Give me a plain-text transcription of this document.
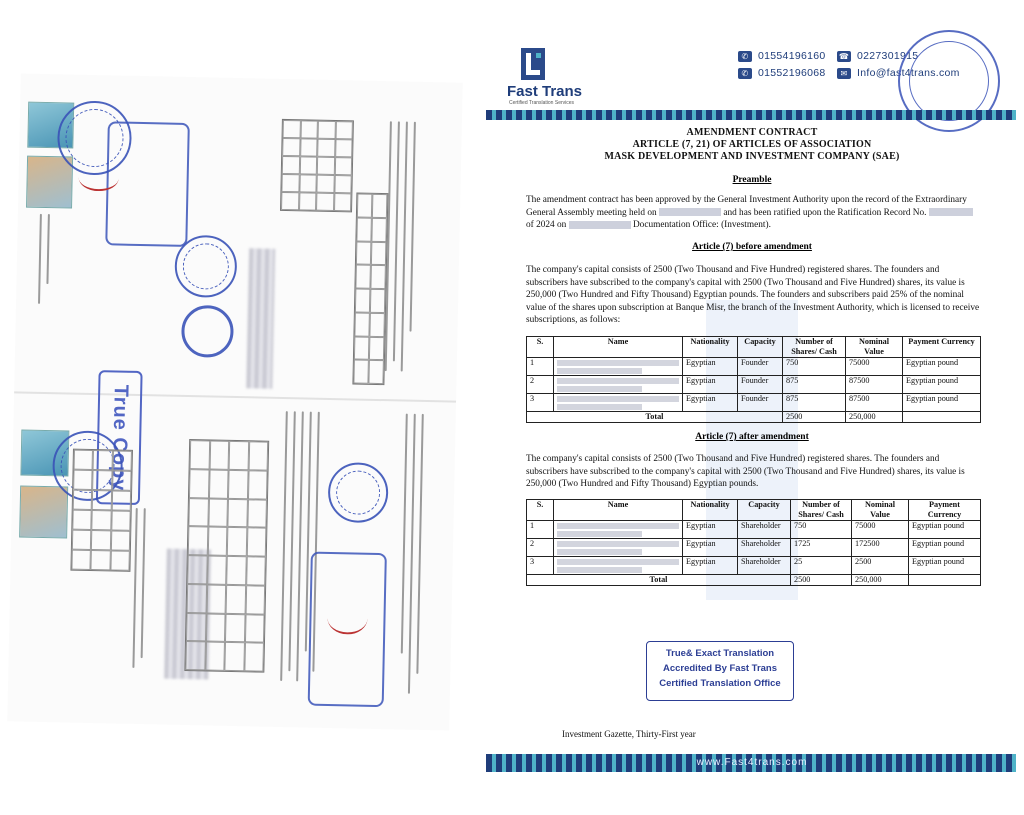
True Copy
Fast Trans
Certified Translation Services
✆ 01554196160
✆ 01552196068
☎ 0227301915
✉ Info@fast4trans.com
AMENDMENT CONTRACT
ARTICLE (7, 21) OF ARTICLES OF ASSOCIATION
MASK DEVELOPMENT AND INVESTMENT COMPANY (SAE)
Preamble
The amendment contract has been approved by the General Investment Authority upon the record of the Extraordinary General Assembly meeting held on	and has been ratified upon the Ratification Record No.  of 2024 on	Documentation Office: (Investment).
Article (7) before amendment
The company's capital consists of 2500 (Two Thousand and Five Hundred) registered shares. The founders and subscribers have subscribed to the company's capital with 2500 (Two Thousand and Five Hundred) shares, its value is 250,000 (Two Hundred and Fifty Thousand) Egyptian pounds. The founders and subscribers paid 25% of the nominal value of the shares upon subscription at Banque Misr, the branch of the Investment Authority, which is licensed to receive subscriptions, as follows:
S.	Name	Nationality	Capacity	Number of Shares/ Cash	Nominal Value	Payment Currency
1		Egyptian	Founder	750	75000	Egyptian pound
2		Egyptian	Founder	875	87500	Egyptian pound
3		Egyptian	Founder	875	87500	Egyptian pound
Total				2500	250,000	
Article (7) after amendment
The company's capital consists of 2500 (Two Thousand and Five Hundred) registered shares. The founders and subscribers have subscribed to the company's capital with 2500 (Two Thousand and Five Hundred) shares, its value is 250,000 (Two Hundred and Fifty Thousand) Egyptian pounds.
S.	Name	Nationality	Capacity	Number of Shares/ Cash	Nominal Value	Payment Currency
1		Egyptian	Shareholder	750	75000	Egyptian pound
2		Egyptian	Shareholder	1725	172500	Egyptian pound
3		Egyptian	Shareholder	25	2500	Egyptian pound
Total				2500	250,000	
True& Exact Translation
Accredited By Fast Trans
Certified Translation Office
Investment Gazette, Thirty-First year
www.Fast4trans.com
